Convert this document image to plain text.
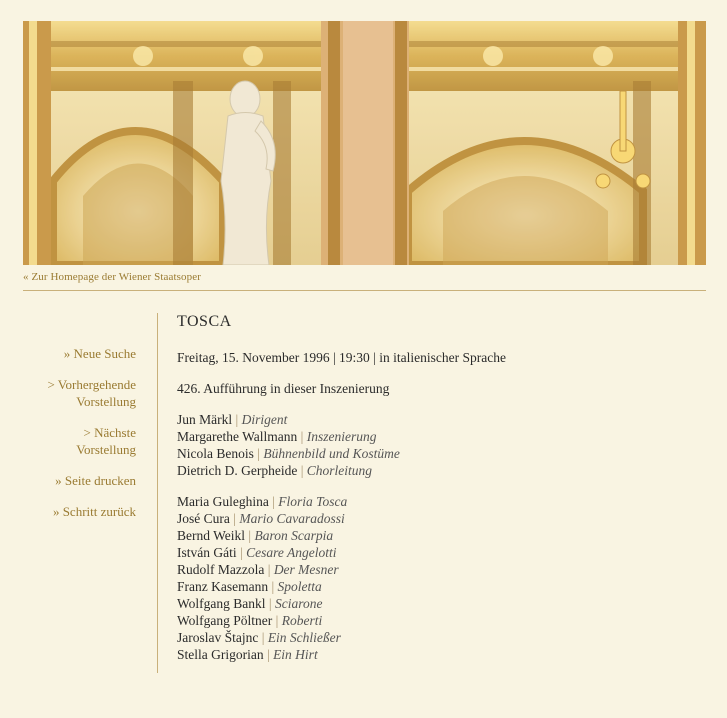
« Zur Homepage der Wiener Staatsoper
» Neue Suche
> Vorhergehende Vorstellung
> Nächste Vorstellung
» Seite drucken
» Schritt zurück
TOSCA
Freitag, 15. November 1996 | 19:30 | in italienischer Sprache
426. Aufführung in dieser Inszenierung
Jun Märkl | Dirigent
Margarethe Wallmann | Inszenierung
Nicola Benois | Bühnenbild und Kostüme
Dietrich D. Gerpheide | Chorleitung
Maria Guleghina | Floria Tosca
José Cura | Mario Cavaradossi
Bernd Weikl | Baron Scarpia
István Gáti | Cesare Angelotti
Rudolf Mazzola | Der Mesner
Franz Kasemann | Spoletta
Wolfgang Bankl | Sciarone
Wolfgang Pöltner | Roberti
Jaroslav Štajnc | Ein Schließer
Stella Grigorian | Ein Hirt
